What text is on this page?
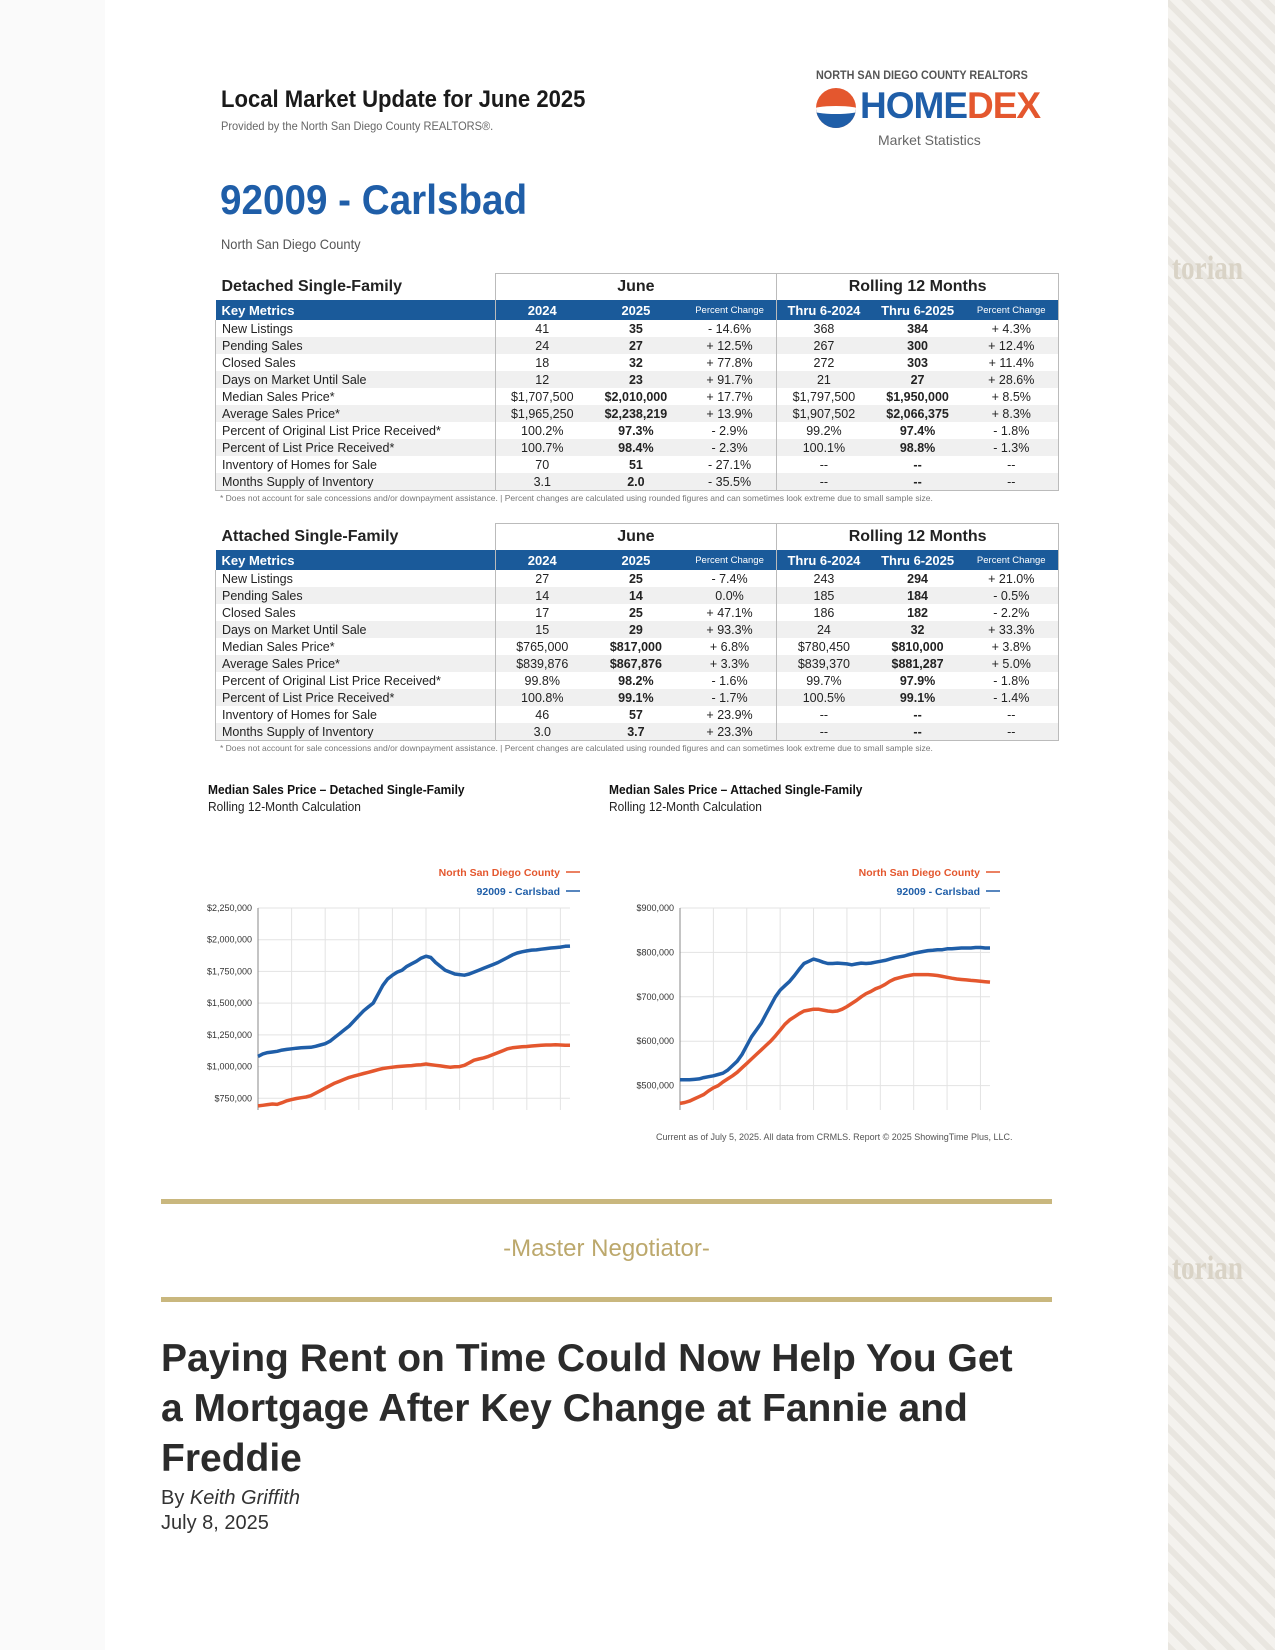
torian
torian
Local Market Update for June 2025
Provided by the North San Diego County REALTORS®.
NORTH SAN DIEGO COUNTY REALTORS
HOMEDEX
Market Statistics
92009 - Carlsbad
North San Diego County
Detached Single-Family	June			Rolling 12 Months		
Key Metrics	2024	2025	Percent Change	Thru 6-2024	Thru 6-2025	Percent Change
New Listings	41	35	- 14.6%	368	384	+ 4.3%
Pending Sales	24	27	+ 12.5%	267	300	+ 12.4%
Closed Sales	18	32	+ 77.8%	272	303	+ 11.4%
Days on Market Until Sale	12	23	+ 91.7%	21	27	+ 28.6%
Median Sales Price*	$1,707,500	$2,010,000	+ 17.7%	$1,797,500	$1,950,000	+ 8.5%
Average Sales Price*	$1,965,250	$2,238,219	+ 13.9%	$1,907,502	$2,066,375	+ 8.3%
Percent of Original List Price Received*	100.2%	97.3%	- 2.9%	99.2%	97.4%	- 1.8%
Percent of List Price Received*	100.7%	98.4%	- 2.3%	100.1%	98.8%	- 1.3%
Inventory of Homes for Sale	70	51	- 27.1%	--	--	--
Months Supply of Inventory	3.1	2.0	- 35.5%	--	--	--
* Does not account for sale concessions and/or downpayment assistance. | Percent changes are calculated using rounded figures and can sometimes look extreme due to small sample size.
Attached Single-Family	June			Rolling 12 Months		
Key Metrics	2024	2025	Percent Change	Thru 6-2024	Thru 6-2025	Percent Change
New Listings	27	25	- 7.4%	243	294	+ 21.0%
Pending Sales	14	14	0.0%	185	184	- 0.5%
Closed Sales	17	25	+ 47.1%	186	182	- 2.2%
Days on Market Until Sale	15	29	+ 93.3%	24	32	+ 33.3%
Median Sales Price*	$765,000	$817,000	+ 6.8%	$780,450	$810,000	+ 3.8%
Average Sales Price*	$839,876	$867,876	+ 3.3%	$839,370	$881,287	+ 5.0%
Percent of Original List Price Received*	99.8%	98.2%	- 1.6%	99.7%	97.9%	- 1.8%
Percent of List Price Received*	100.8%	99.1%	- 1.7%	100.5%	99.1%	- 1.4%
Inventory of Homes for Sale	46	57	+ 23.9%	--	--	--
Months Supply of Inventory	3.0	3.7	+ 23.3%	--	--	--
* Does not account for sale concessions and/or downpayment assistance. | Percent changes are calculated using rounded figures and can sometimes look extreme due to small sample size.
Median Sales Price – Detached Single-Family
Rolling 12-Month Calculation
$750,000
$1,000,000
$1,250,000
$1,500,000
$1,750,000
$2,000,000
$2,250,000
North San Diego County
92009 - Carlsbad
Median Sales Price – Attached Single-Family
Rolling 12-Month Calculation
$500,000
$600,000
$700,000
$800,000
$900,000
North San Diego County
92009 - Carlsbad
Current as of July 5, 2025. All data from CRMLS. Report © 2025 ShowingTime Plus, LLC.
-Master Negotiator-
Paying Rent on Time Could Now Help You Get a Mortgage After Key Change at Fannie and Freddie
By Keith Griffith
July 8, 2025
